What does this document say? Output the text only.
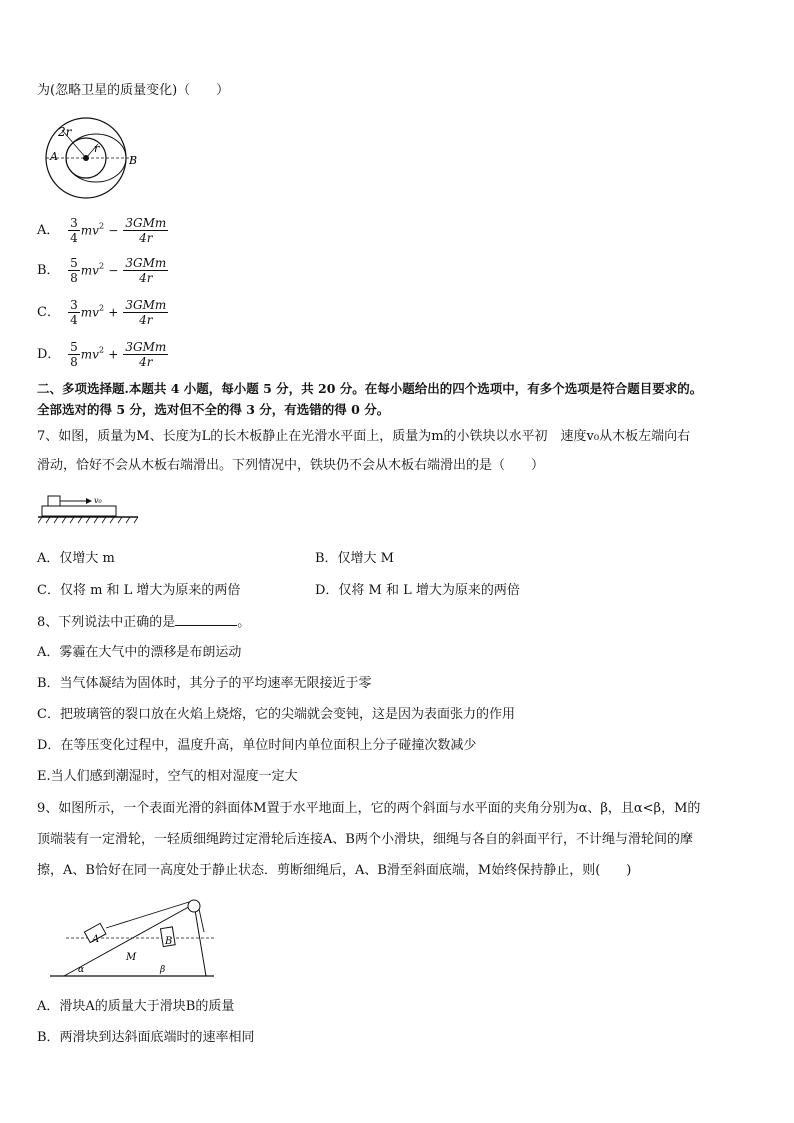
为(忽略卫星的质量变化)（　　）
2r
r
A	B
A． $\frac{3}{4} mv^2 - \frac{\text{3GMm}}{4r}$
B． $\frac{5}{8} mv^2 - \frac{\text{3GMm}}{4r}$
C． $\frac{3}{4} mv^2 + \frac{\text{3GMm}}{4r}$
D． $\frac{5}{8} mv^2 + \frac{\text{3GMm}}{4r}$
二、多项选择题.本题共 4 小题，每小题 5 分，共 20 分。在每小题给出的四个选项中，有多个选项是符合题目要求的。
全部选对的得 5 分，选对但不全的得 3 分，有选错的得 0 分。
7、如图，质量为M、长度为L的长木板静止在光滑水平面上，质量为m的小铁块以水平初　速度v₀从木板左端向右
滑动，恰好不会从木板右端滑出。下列情况中，铁块仍不会从木板右端滑出的是（　　）
v₀
A．仅增大 m	B．仅增大 M
C．仅将 m 和 L 增大为原来的两倍	D．仅将 M 和 L 增大为原来的两倍
8、下列说法中正确的是	。
A．雾霾在大气中的漂移是布朗运动
B．当气体凝结为固体时，其分子的平均速率无限接近于零
C．把玻璃管的裂口放在火焰上烧熔，它的尖端就会变钝，这是因为表面张力的作用
D．在等压变化过程中，温度升高，单位时间内单位面积上分子碰撞次数减少
E.当人们感到潮湿时，空气的相对湿度一定大
9、如图所示，一个表面光滑的斜面体M置于水平地面上，它的两个斜面与水平面的夹角分别为α、β，且α<β，M的
顶端装有一定滑轮，一轻质细绳跨过定滑轮后连接A、B两个小滑块，细绳与各自的斜面平行，不计绳与滑轮间的摩
擦，A、B恰好在同一高度处于静止状态．剪断细绳后，A、B滑至斜面底端，M始终保持静止，则(　　)
A	B
M
α	β
A．滑块A的质量大于滑块B的质量
B．两滑块到达斜面底端时的速率相同
